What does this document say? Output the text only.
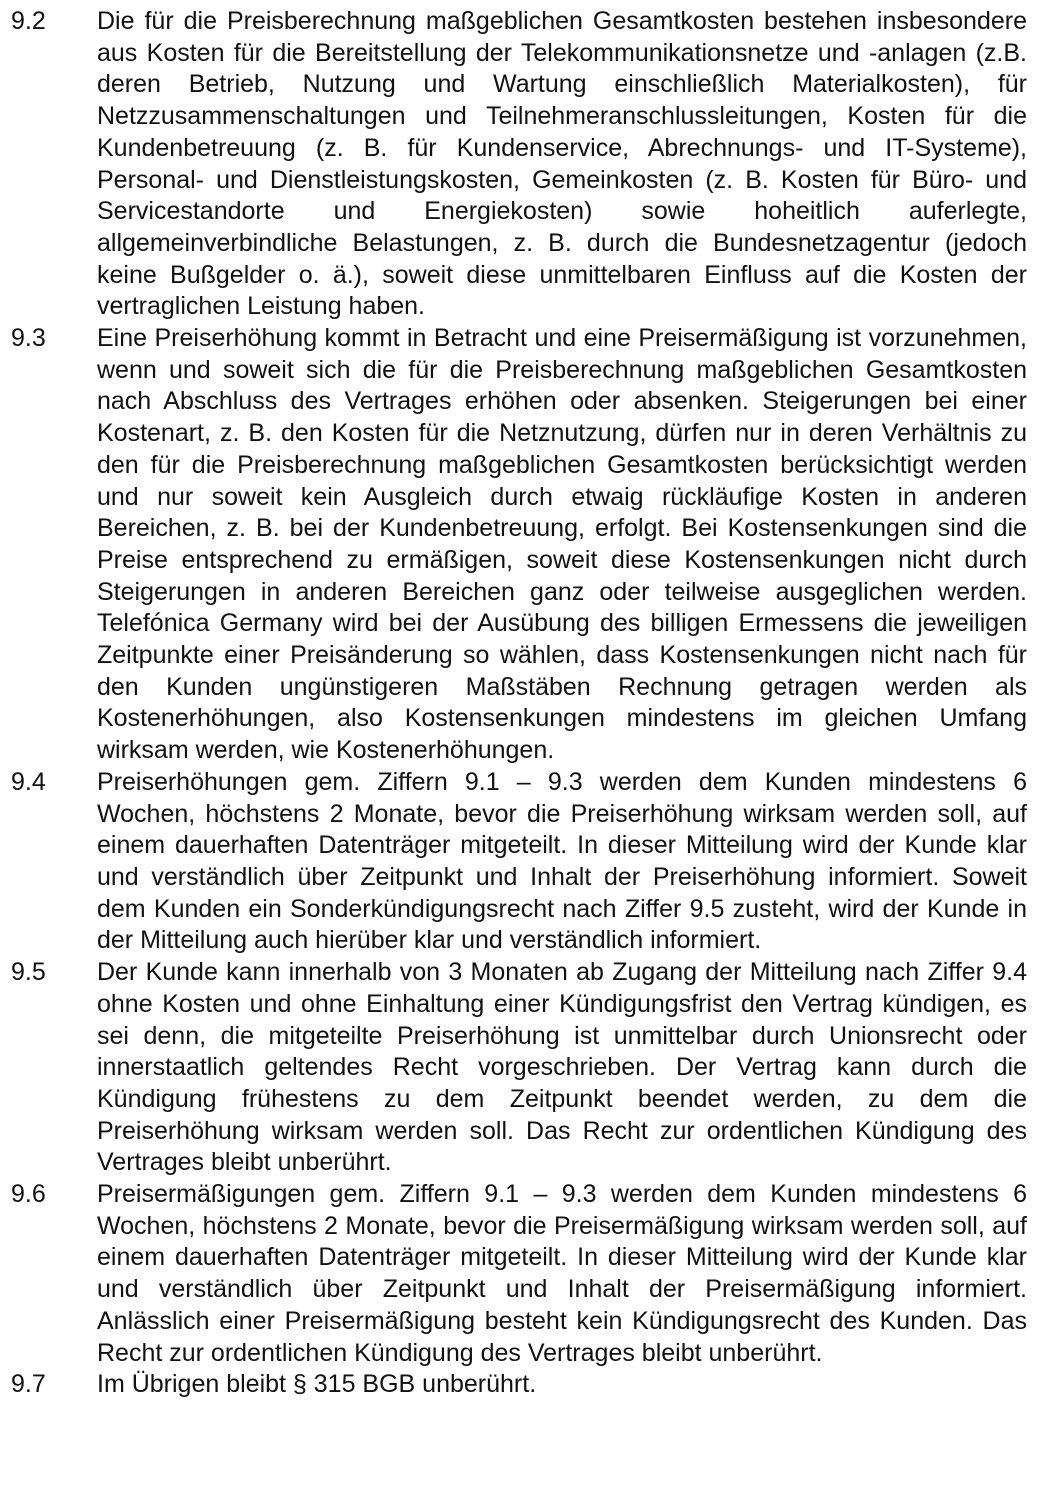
9.2	Die für die Preisberechnung maßgeblichen Gesamtkosten bestehen insbesondere aus Kosten für die Bereitstellung der Telekommunikationsnetze und -anlagen (z.B. deren Betrieb, Nutzung und Wartung einschließlich Materialkosten), für Netzzusammenschaltungen und Teilnehmeranschlussleitungen, Kosten für die Kundenbetreuung (z. B. für Kundenservice, Abrechnungs- und IT-Systeme), Personal- und Dienstleistungskosten, Gemeinkosten (z. B. Kosten für Büro- und Servicestandorte und Energiekosten) sowie hoheitlich auferlegte, allgemeinverbindliche Belastungen, z. B. durch die Bundesnetzagentur (jedoch keine Bußgelder o. ä.), soweit diese unmittelbaren Einfluss auf die Kosten der vertraglichen Leistung haben.
9.3	Eine Preiserhöhung kommt in Betracht und eine Preisermäßigung ist vorzunehmen, wenn und soweit sich die für die Preisberechnung maßgeblichen Gesamtkosten nach Abschluss des Vertrages erhöhen oder absenken. Steigerungen bei einer Kostenart, z. B. den Kosten für die Netznutzung, dürfen nur in deren Verhältnis zu den für die Preisberechnung maßgeblichen Gesamtkosten berücksichtigt werden und nur soweit kein Ausgleich durch etwaig rückläufige Kosten in anderen Bereichen, z. B. bei der Kundenbetreuung, erfolgt. Bei Kostensenkungen sind die Preise entsprechend zu ermäßigen, soweit diese Kostensenkungen nicht durch Steigerungen in anderen Bereichen ganz oder teilweise ausgeglichen werden. Telefónica Germany wird bei der Ausübung des billigen Ermessens die jeweiligen Zeitpunkte einer Preisänderung so wählen, dass Kostensenkungen nicht nach für den Kunden ungünstigeren Maßstäben Rechnung getragen werden als Kostenerhöhungen, also Kostensenkungen mindestens im gleichen Umfang wirksam werden, wie Kostenerhöhungen.
9.4	Preiserhöhungen gem. Ziffern 9.1 – 9.3 werden dem Kunden mindestens 6 Wochen, höchstens 2 Monate, bevor die Preiserhöhung wirksam werden soll, auf einem dauerhaften Datenträger mitgeteilt. In dieser Mitteilung wird der Kunde klar und verständlich über Zeitpunkt und Inhalt der Preiserhöhung informiert. Soweit dem Kunden ein Sonderkündigungsrecht nach Ziffer 9.5 zusteht, wird der Kunde in der Mitteilung auch hierüber klar und verständlich informiert.
9.5	Der Kunde kann innerhalb von 3 Monaten ab Zugang der Mitteilung nach Ziffer 9.4 ohne Kosten und ohne Einhaltung einer Kündigungsfrist den Vertrag kündigen, es sei denn, die mitgeteilte Preiserhöhung ist unmittelbar durch Unionsrecht oder innerstaatlich geltendes Recht vorgeschrieben. Der Vertrag kann durch die Kündigung frühestens zu dem Zeitpunkt beendet werden, zu dem die Preiserhöhung wirksam werden soll. Das Recht zur ordentlichen Kündigung des Vertrages bleibt unberührt.
9.6	Preisermäßigungen gem. Ziffern 9.1 – 9.3 werden dem Kunden mindestens 6 Wochen, höchstens 2 Monate, bevor die Preisermäßigung wirksam werden soll, auf einem dauerhaften Datenträger mitgeteilt. In dieser Mitteilung wird der Kunde klar und verständlich über Zeitpunkt und Inhalt der Preisermäßigung informiert. Anlässlich einer Preisermäßigung besteht kein Kündigungsrecht des Kunden. Das Recht zur ordentlichen Kündigung des Vertrages bleibt unberührt.
9.7	Im Übrigen bleibt § 315 BGB unberührt.
